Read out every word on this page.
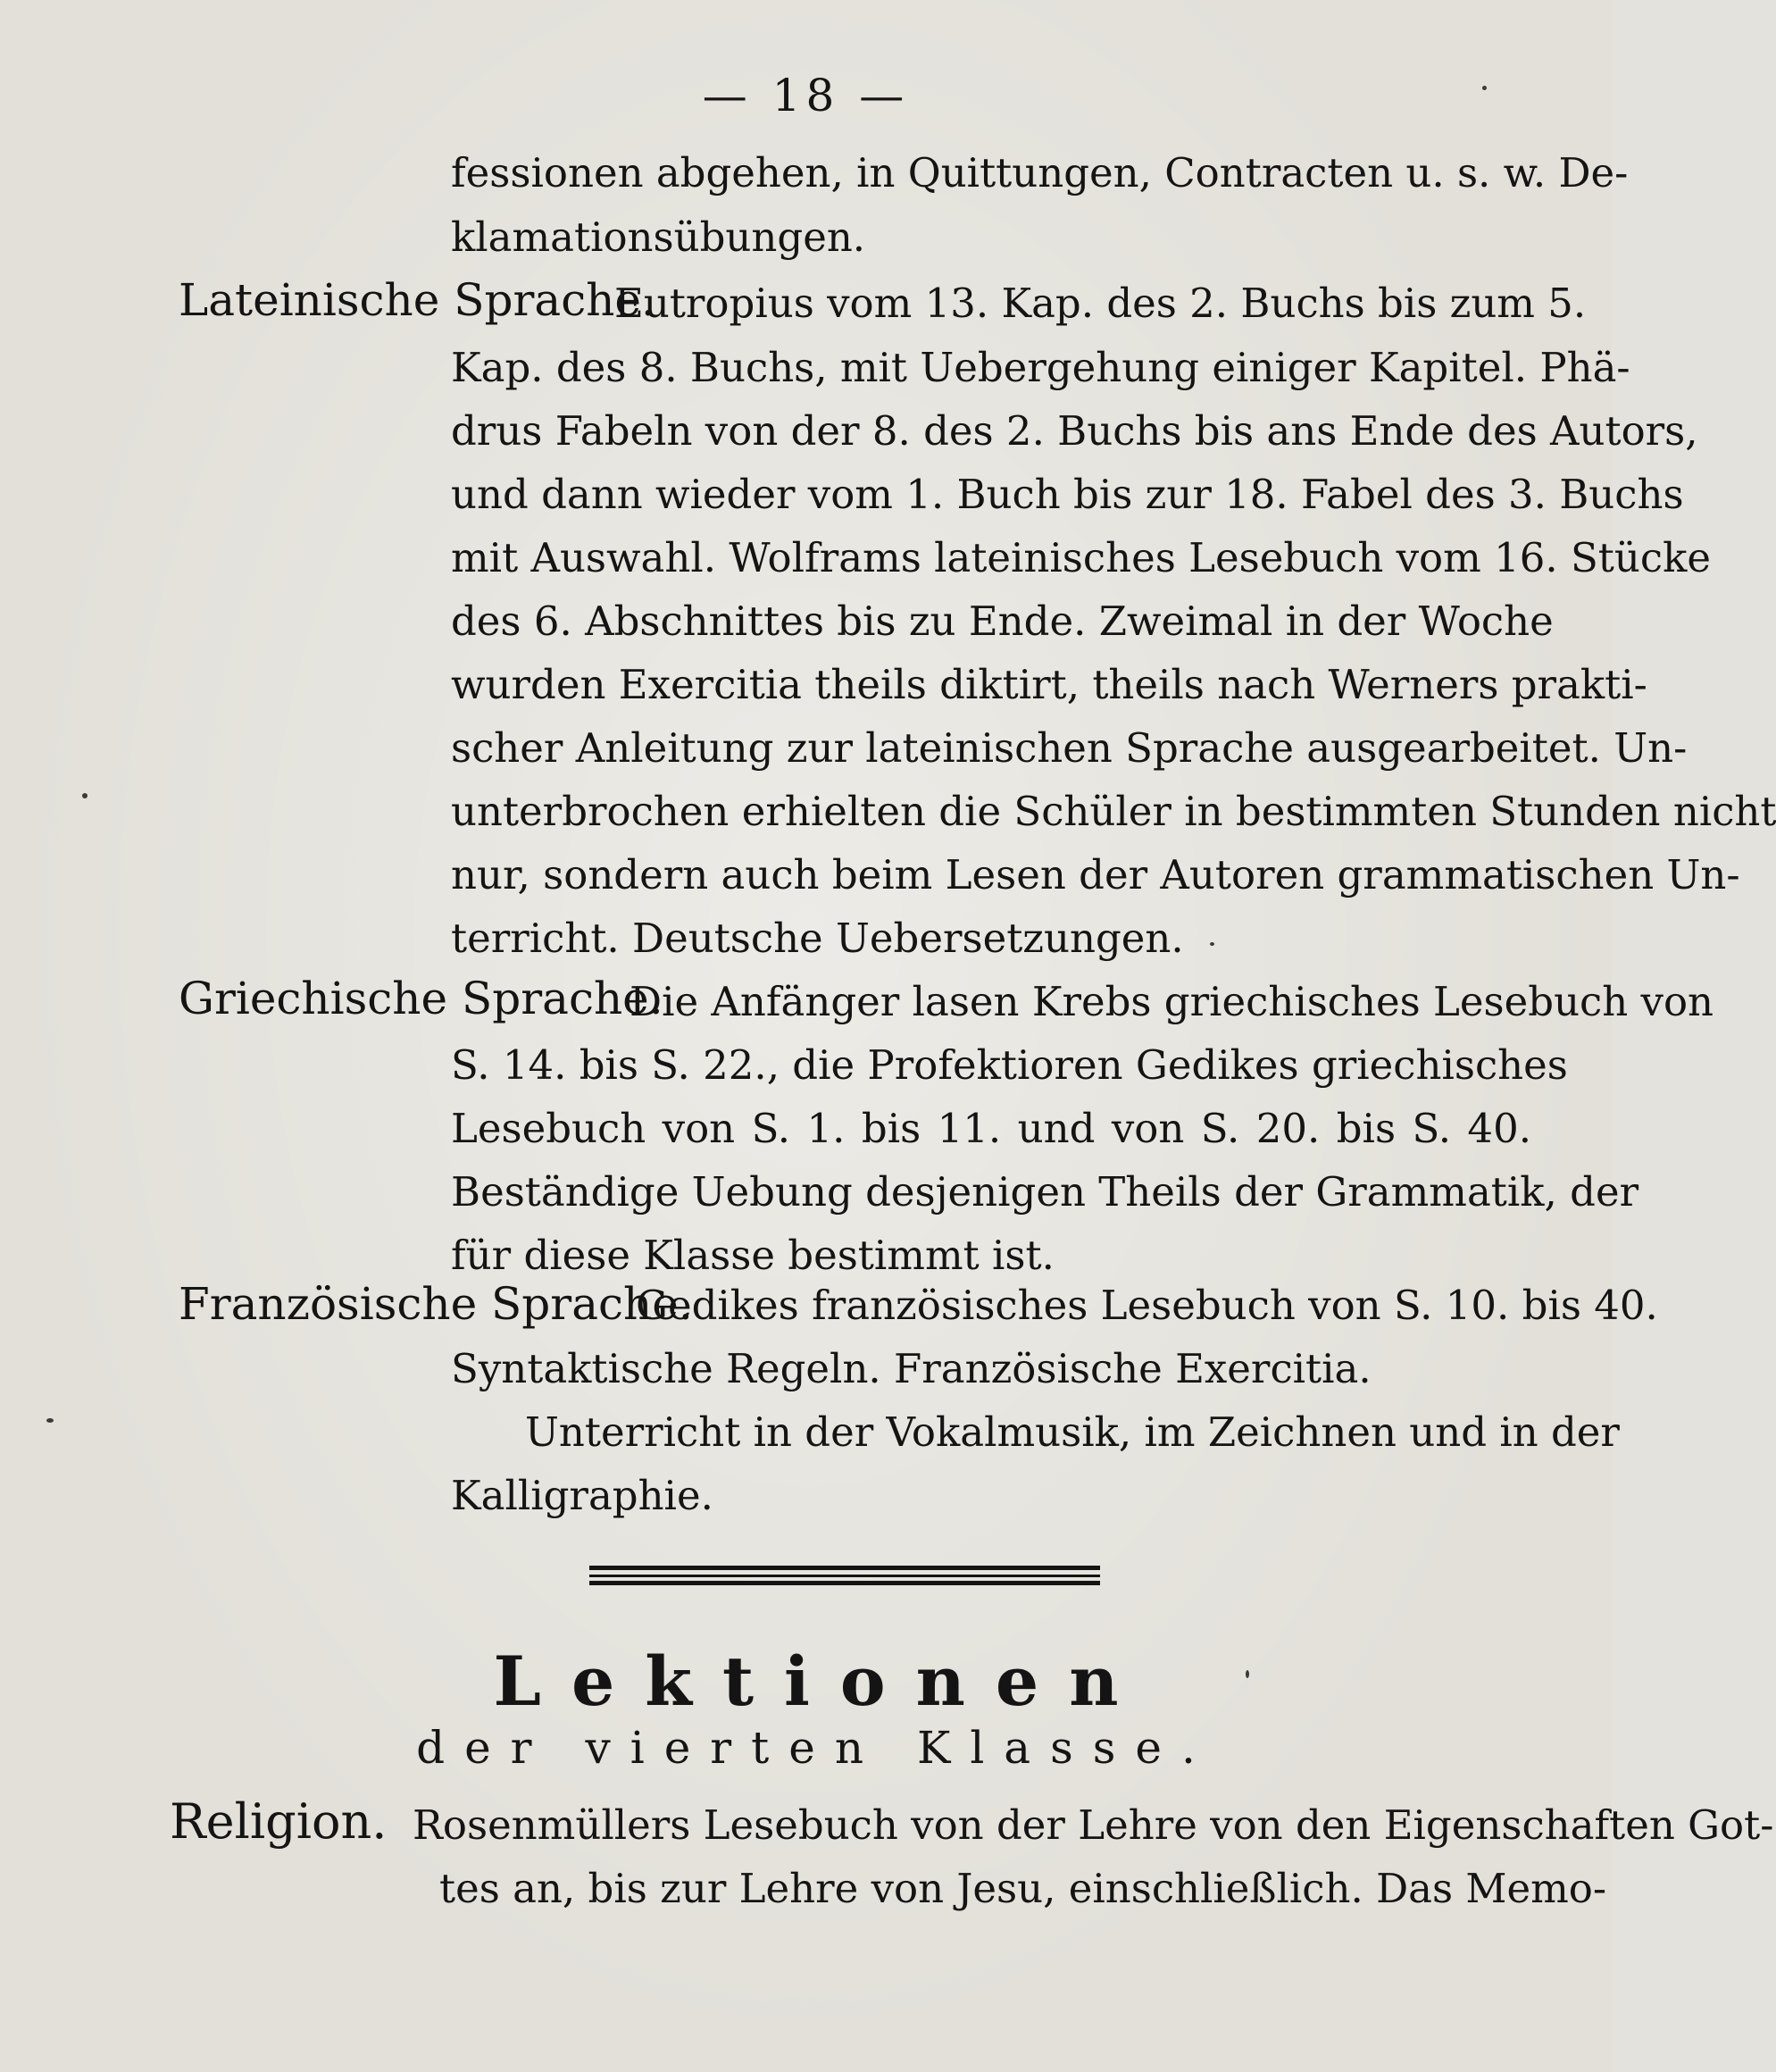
— 18 —
fessionen abgehen, in Quittungen, Contracten u. s. w. De-
klamationsübungen.
Lateinische Sprache.
Eutropius vom 13. Kap. des 2. Buchs bis zum 5.
Kap. des 8. Buchs, mit Uebergehung einiger Kapitel. Phä-
drus Fabeln von der 8. des 2. Buchs bis ans Ende des Autors,
und dann wieder vom 1. Buch bis zur 18. Fabel des 3. Buchs
mit Auswahl. Wolframs lateinisches Lesebuch vom 16. Stücke
des 6. Abschnittes bis zu Ende. Zweimal in der Woche
wurden Exercitia theils diktirt, theils nach Werners prakti-
scher Anleitung zur lateinischen Sprache ausgearbeitet. Un-
unterbrochen erhielten die Schüler in bestimmten Stunden nicht
nur, sondern auch beim Lesen der Autoren grammatischen Un-
terricht. Deutsche Uebersetzungen.
Griechische Sprache.
Die Anfänger lasen Krebs griechisches Lesebuch von
S. 14. bis S. 22., die Profektioren Gedikes griechisches
Lesebuch von S. 1. bis 11. und von S. 20. bis S. 40.
Beständige Uebung desjenigen Theils der Grammatik, der
für diese Klasse bestimmt ist.
Französische Sprache.
Gedikes französisches Lesebuch von S. 10. bis 40.
Syntaktische Regeln. Französische Exercitia.
Unterricht in der Vokalmusik, im Zeichnen und in der
Kalligraphie.
Lektionen
der vierten Klasse.
Religion. Rosenmüllers Lesebuch von der Lehre von den Eigenschaften Got-
tes an, bis zur Lehre von Jesu, einschließlich. Das Memo-
